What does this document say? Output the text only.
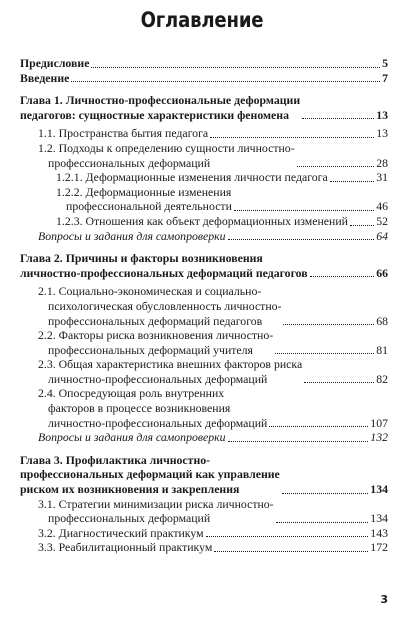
Оглавление
Предисловие	5
Введение	7
Глава 1. Личностно-профессиональные деформации
педагогов: сущностные характеристики феномена	13
1.1. Пространства бытия педагога	13
1.2. Подходы к определению сущности личностно-
профессиональных деформаций	28
1.2.1. Деформационные изменения личности педагога	31
1.2.2. Деформационные изменения
профессиональной деятельности	46
1.2.3. Отношения как объект деформационных изменений 52
Вопросы и задания для самопроверки	64
Глава 2. Причины и факторы возникновения
личностно-профессиональных деформаций педагогов	66
2.1. Социально-экономическая и социально-
психологическая обусловленность личностно-
профессиональных деформаций педагогов	68
2.2. Факторы риска возникновения личностно-
профессиональных деформаций учителя	81
2.3. Общая характеристика внешних факторов риска
личностно-профессиональных деформаций	82
2.4. Опосредующая роль внутренних
факторов в процессе возникновения
личностно-профессиональных деформаций	107
Вопросы и задания для самопроверки	132
Глава 3. Профилактика личностно-
профессиональных деформаций как управление
риском их возникновения и закрепления	134
3.1. Стратегии минимизации риска личностно-
профессиональных деформаций	134
3.2. Диагностический практикум	143
3.3. Реабилитационный практикум	172
3
